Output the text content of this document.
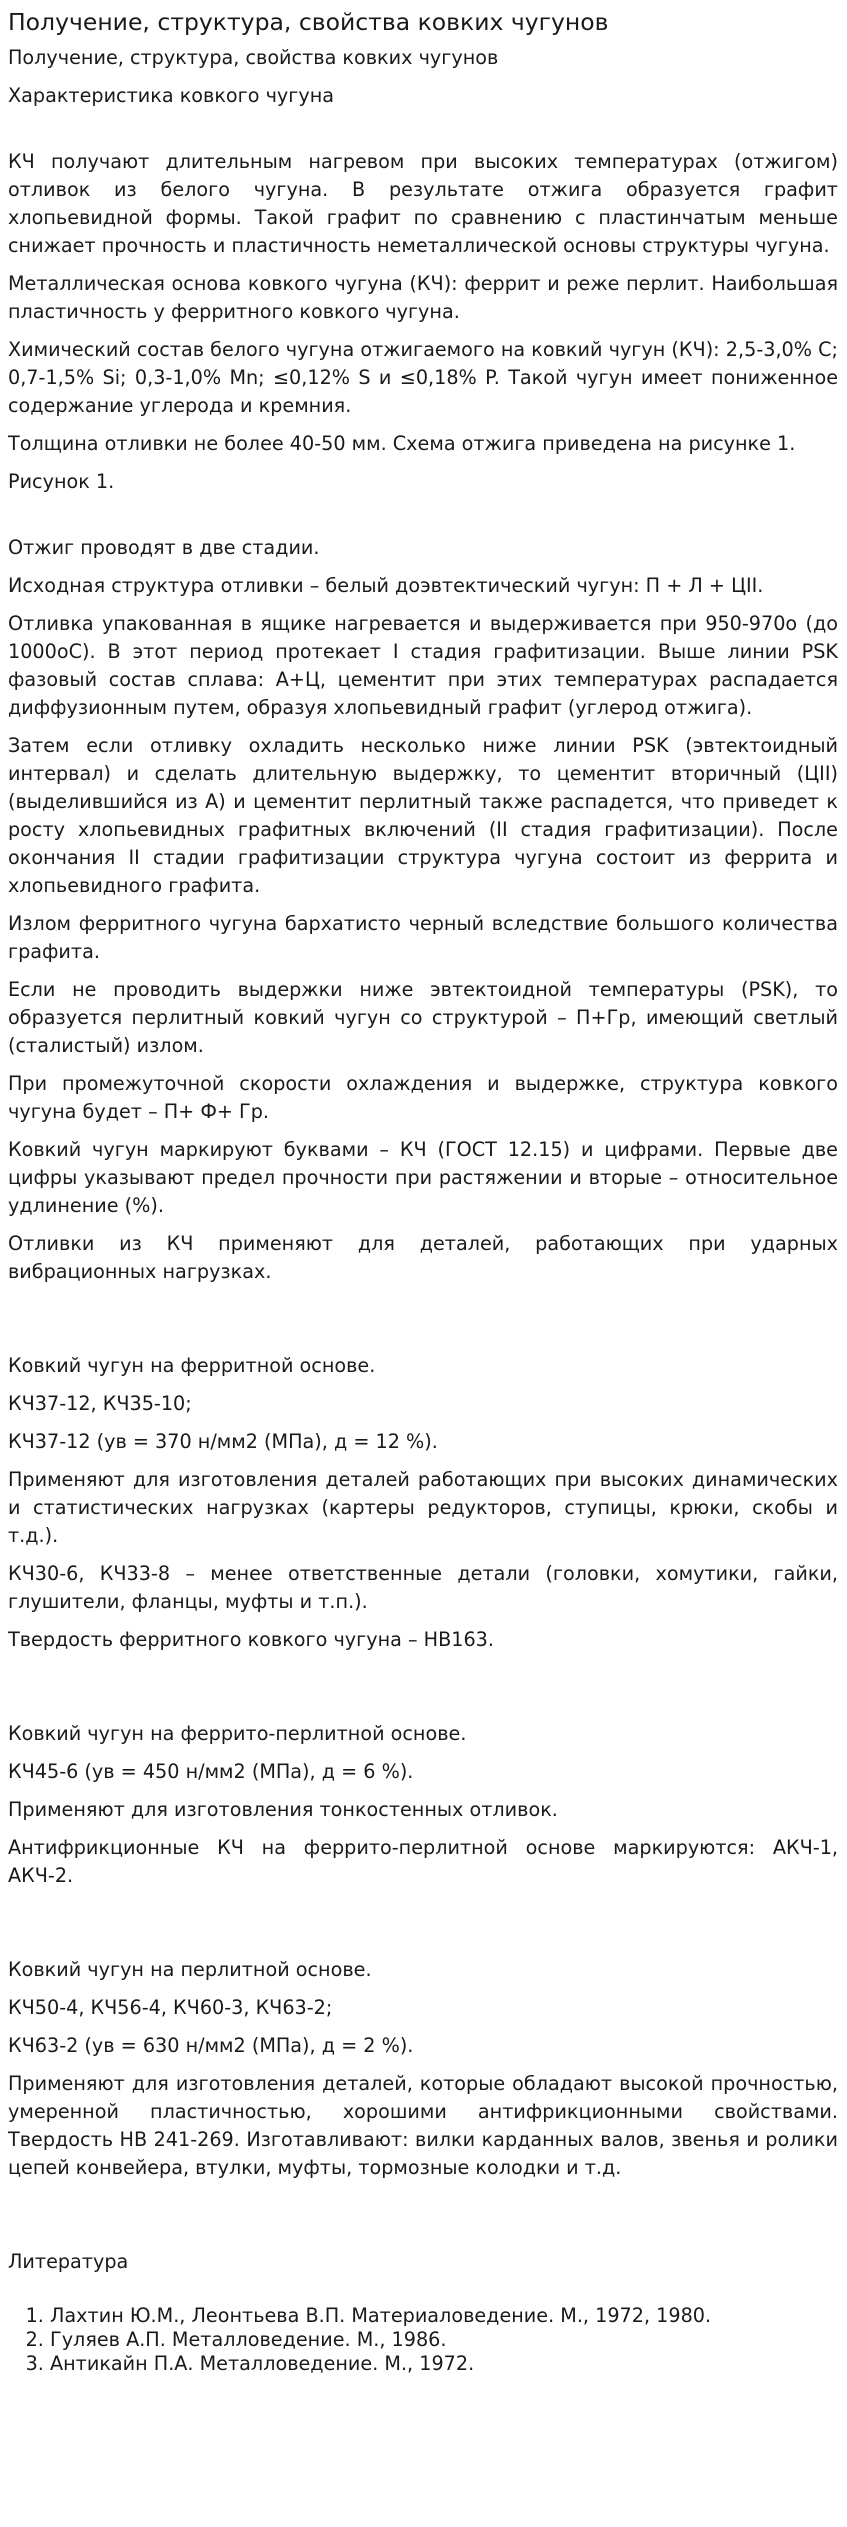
Получение, структура, свойства ковких чугунов

Получение, структура, свойства ковких чугунов

Характеристика ковкого чугуна

КЧ получают длительным нагревом при высоких температурах (отжигом) отливок из белого чугуна. В результате отжига образуется графит хлопьевидной формы. Такой графит по сравнению с пластинчатым меньше снижает прочность и пластичность неметаллической основы структуры чугуна.

Металлическая основа ковкого чугуна (КЧ): феррит и реже перлит. Наибольшая пластичность у ферритного ковкого чугуна.

Химический состав белого чугуна отжигаемого на ковкий чугун (КЧ): 2,5-3,0% С; 0,7-1,5% Si; 0,3-1,0% Mn; ≤0,12% S и ≤0,18% P. Такой чугун имеет пониженное содержание углерода и кремния.

Толщина отливки не более 40-50 мм. Схема отжига приведена на рисунке 1.

Рисунок 1.

Отжиг проводят в две стадии.

Исходная структура отливки – белый доэвтектический чугун: П + Л + ЦII.

Отливка упакованная в ящике нагревается и выдерживается при 950-970о (до 1000оС). В этот период протекает I стадия графитизации. Выше линии PSK фазовый состав сплава: А+Ц, цементит при этих температурах распадается диффузионным путем, образуя хлопьевидный графит (углерод отжига).

Затем если отливку охладить несколько ниже линии PSK (эвтектоидный интервал) и сделать длительную выдержку, то цементит вторичный (ЦII) (выделившийся из А) и цементит перлитный также распадется, что приведет к росту хлопьевидных графитных включений (II стадия графитизации). После окончания II стадии графитизации структура чугуна состоит из феррита и хлопьевидного графита.

Излом ферритного чугуна бархатисто черный вследствие большого количества графита.

Если не проводить выдержки ниже эвтектоидной температуры (PSK), то образуется перлитный ковкий чугун со структурой – П+Гр, имеющий светлый (сталистый) излом.

При промежуточной скорости охлаждения и выдержке, структура ковкого чугуна будет – П+ Ф+ Гр.

Ковкий чугун маркируют буквами – КЧ (ГОСТ 12.15) и цифрами. Первые две цифры указывают предел прочности при растяжении и вторые – относительное удлинение (%).

Отливки из КЧ применяют для деталей, работающих при ударных вибрационных нагрузках.

Ковкий чугун на ферритной основе.

КЧ37-12, КЧ35-10;

КЧ37-12 (ув = 370 н/мм2 (МПа), д = 12 %).

Применяют для изготовления деталей работающих при высоких динамических и статистических нагрузках (картеры редукторов, ступицы, крюки, скобы и т.д.).

КЧ30-6, КЧ33-8 – менее ответственные детали (головки, хомутики, гайки, глушители, фланцы, муфты и т.п.).

Твердость ферритного ковкого чугуна – НВ163.

Ковкий чугун на феррито-перлитной основе.

КЧ45-6 (ув = 450 н/мм2 (МПа), д = 6 %).

Применяют для изготовления тонкостенных отливок.

Антифрикционные КЧ на феррито-перлитной основе маркируются: АКЧ-1, АКЧ-2.

Ковкий чугун на перлитной основе.

КЧ50-4, КЧ56-4, КЧ60-3, КЧ63-2;

КЧ63-2 (ув = 630 н/мм2 (МПа), д = 2 %).

Применяют для изготовления деталей, которые обладают высокой прочностью, умеренной пластичностью, хорошими антифрикционными свойствами. Твердость НВ 241-269. Изготавливают: вилки карданных валов, звенья и ролики цепей конвейера, втулки, муфты, тормозные колодки и т.д.

Литература

1. Лахтин Ю.М., Леонтьева В.П. Материаловедение. М., 1972, 1980.
2. Гуляев А.П. Металловедение. М., 1986.
3. Антикайн П.А. Металловедение. М., 1972.
